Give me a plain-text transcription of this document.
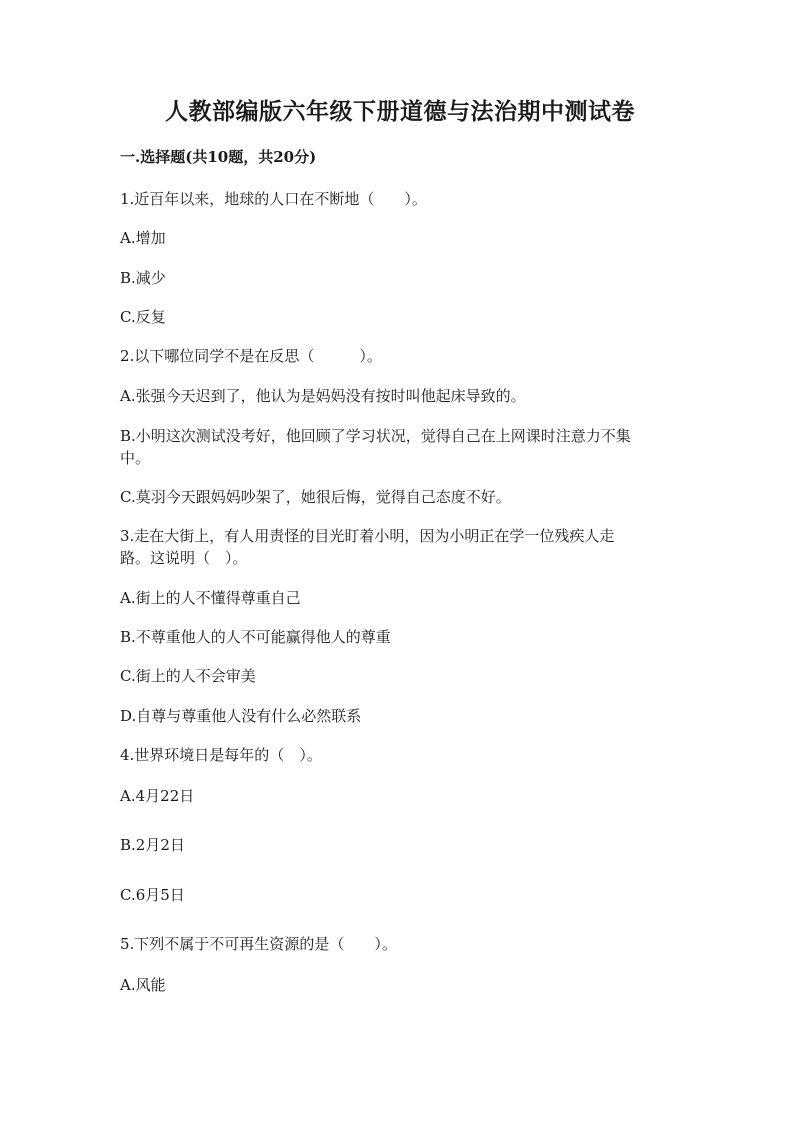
人教部编版六年级下册道德与法治期中测试卷
一.选择题(共10题，共20分)
1.近百年以来，地球的人口在不断地（　　）。
A.增加
B.减少
C.反复
2.以下哪位同学不是在反思（　　　）。
A.张强今天迟到了，他认为是妈妈没有按时叫他起床导致的。
B.小明这次测试没考好，他回顾了学习状况，觉得自己在上网课时注意力不集
中。
C.莫羽今天跟妈妈吵架了，她很后悔，觉得自己态度不好。
3.走在大街上，有人用责怪的目光盯着小明，因为小明正在学一位残疾人走
路。这说明（　）。
A.街上的人不懂得尊重自己
B.不尊重他人的人不可能赢得他人的尊重
C.街上的人不会审美
D.自尊与尊重他人没有什么必然联系
4.世界环境日是每年的（　）。
A.4月22日
B.2月2日
C.6月5日
5.下列不属于不可再生资源的是（　　）。
A.风能
